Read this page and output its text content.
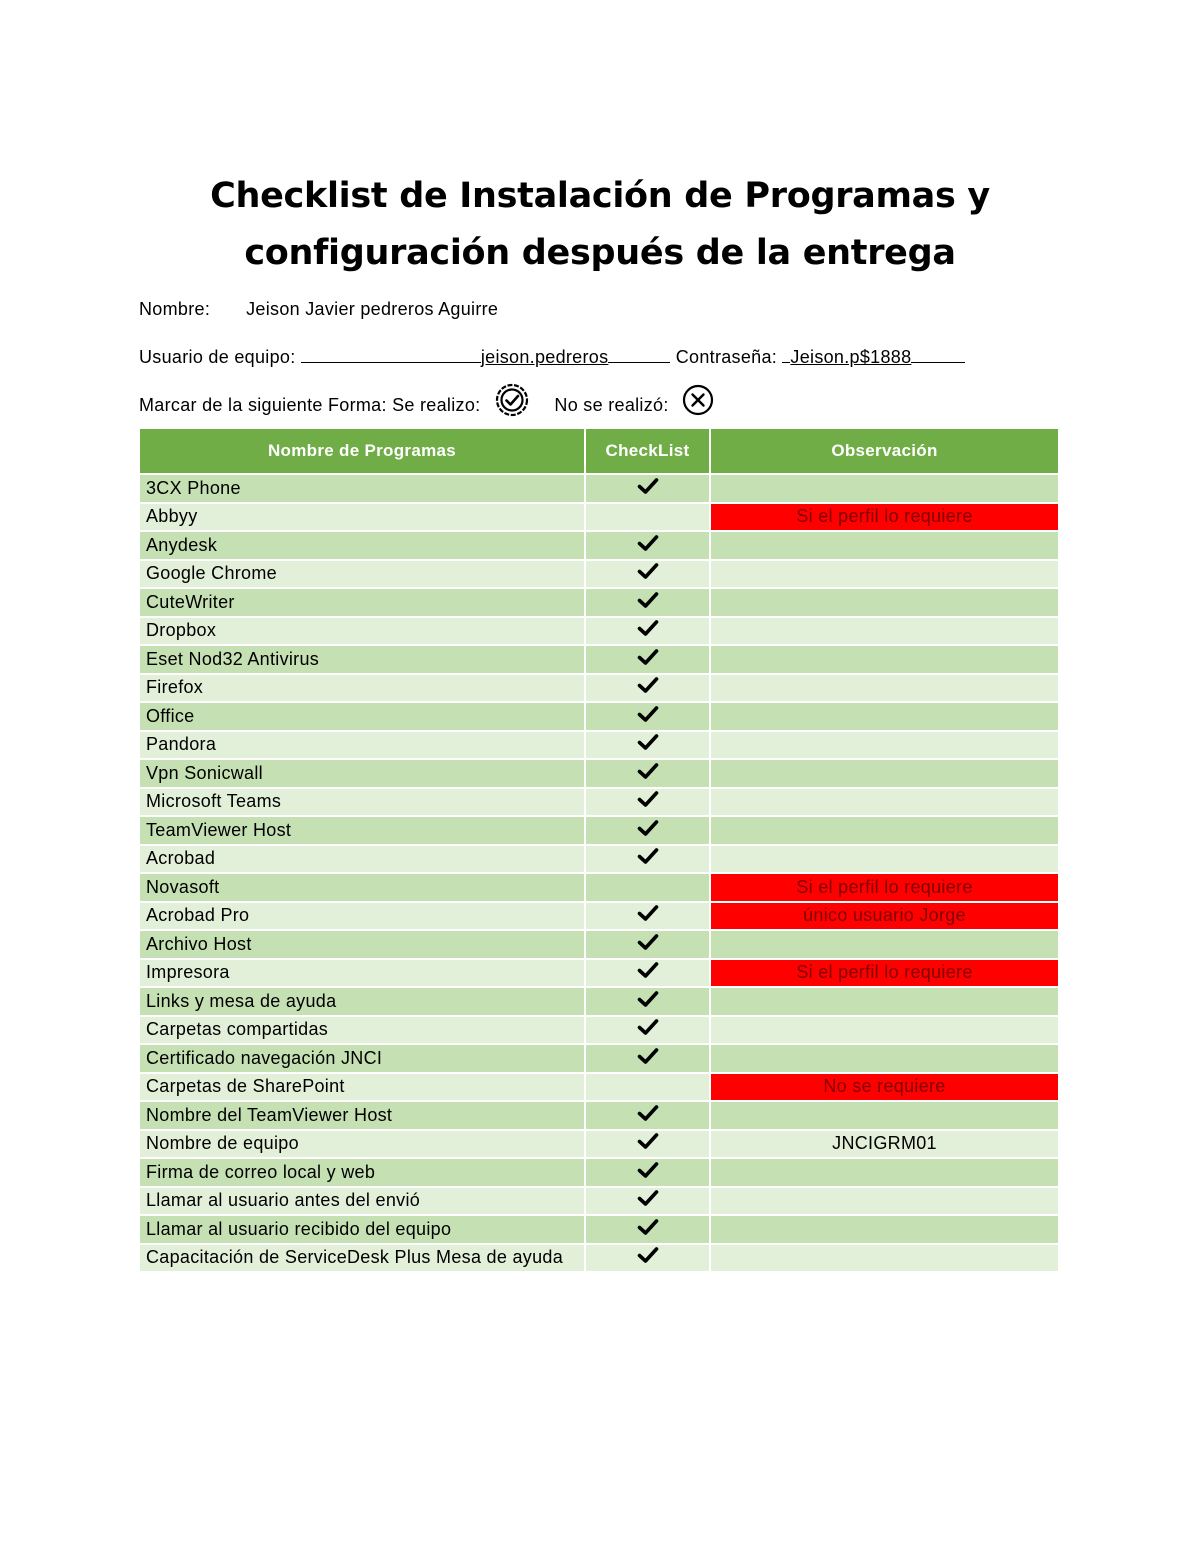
Checklist de Instalación de Programas y
configuración después de la entrega
Nombre: Jeison Javier pedreros Aguirre
Usuario de equipo:	jeison.pedreros	Contraseña: Jeison.p$1888
Marcar de la siguiente Forma: Se realizo:	No se realizó:
Nombre de Programas	CheckList	Observación
3CX Phone		
Abbyy		Si el perfil lo requiere
Anydesk		
Google Chrome		
CuteWriter		
Dropbox		
Eset Nod32 Antivirus		
Firefox		
Office		
Pandora		
Vpn Sonicwall		
Microsoft Teams		
TeamViewer Host		
Acrobad		
Novasoft		Si el perfil lo requiere
Acrobad Pro		único usuario Jorge
Archivo Host		
Impresora		Si el perfil lo requiere
Links y mesa de ayuda		
Carpetas compartidas		
Certificado navegación JNCI		
Carpetas de SharePoint		No se requiere
Nombre del TeamViewer Host		
Nombre de equipo		JNCIGRM01
Firma de correo local y web		
Llamar al usuario antes del envió		
Llamar al usuario recibido del equipo		
Capacitación de ServiceDesk Plus Mesa de ayuda		
